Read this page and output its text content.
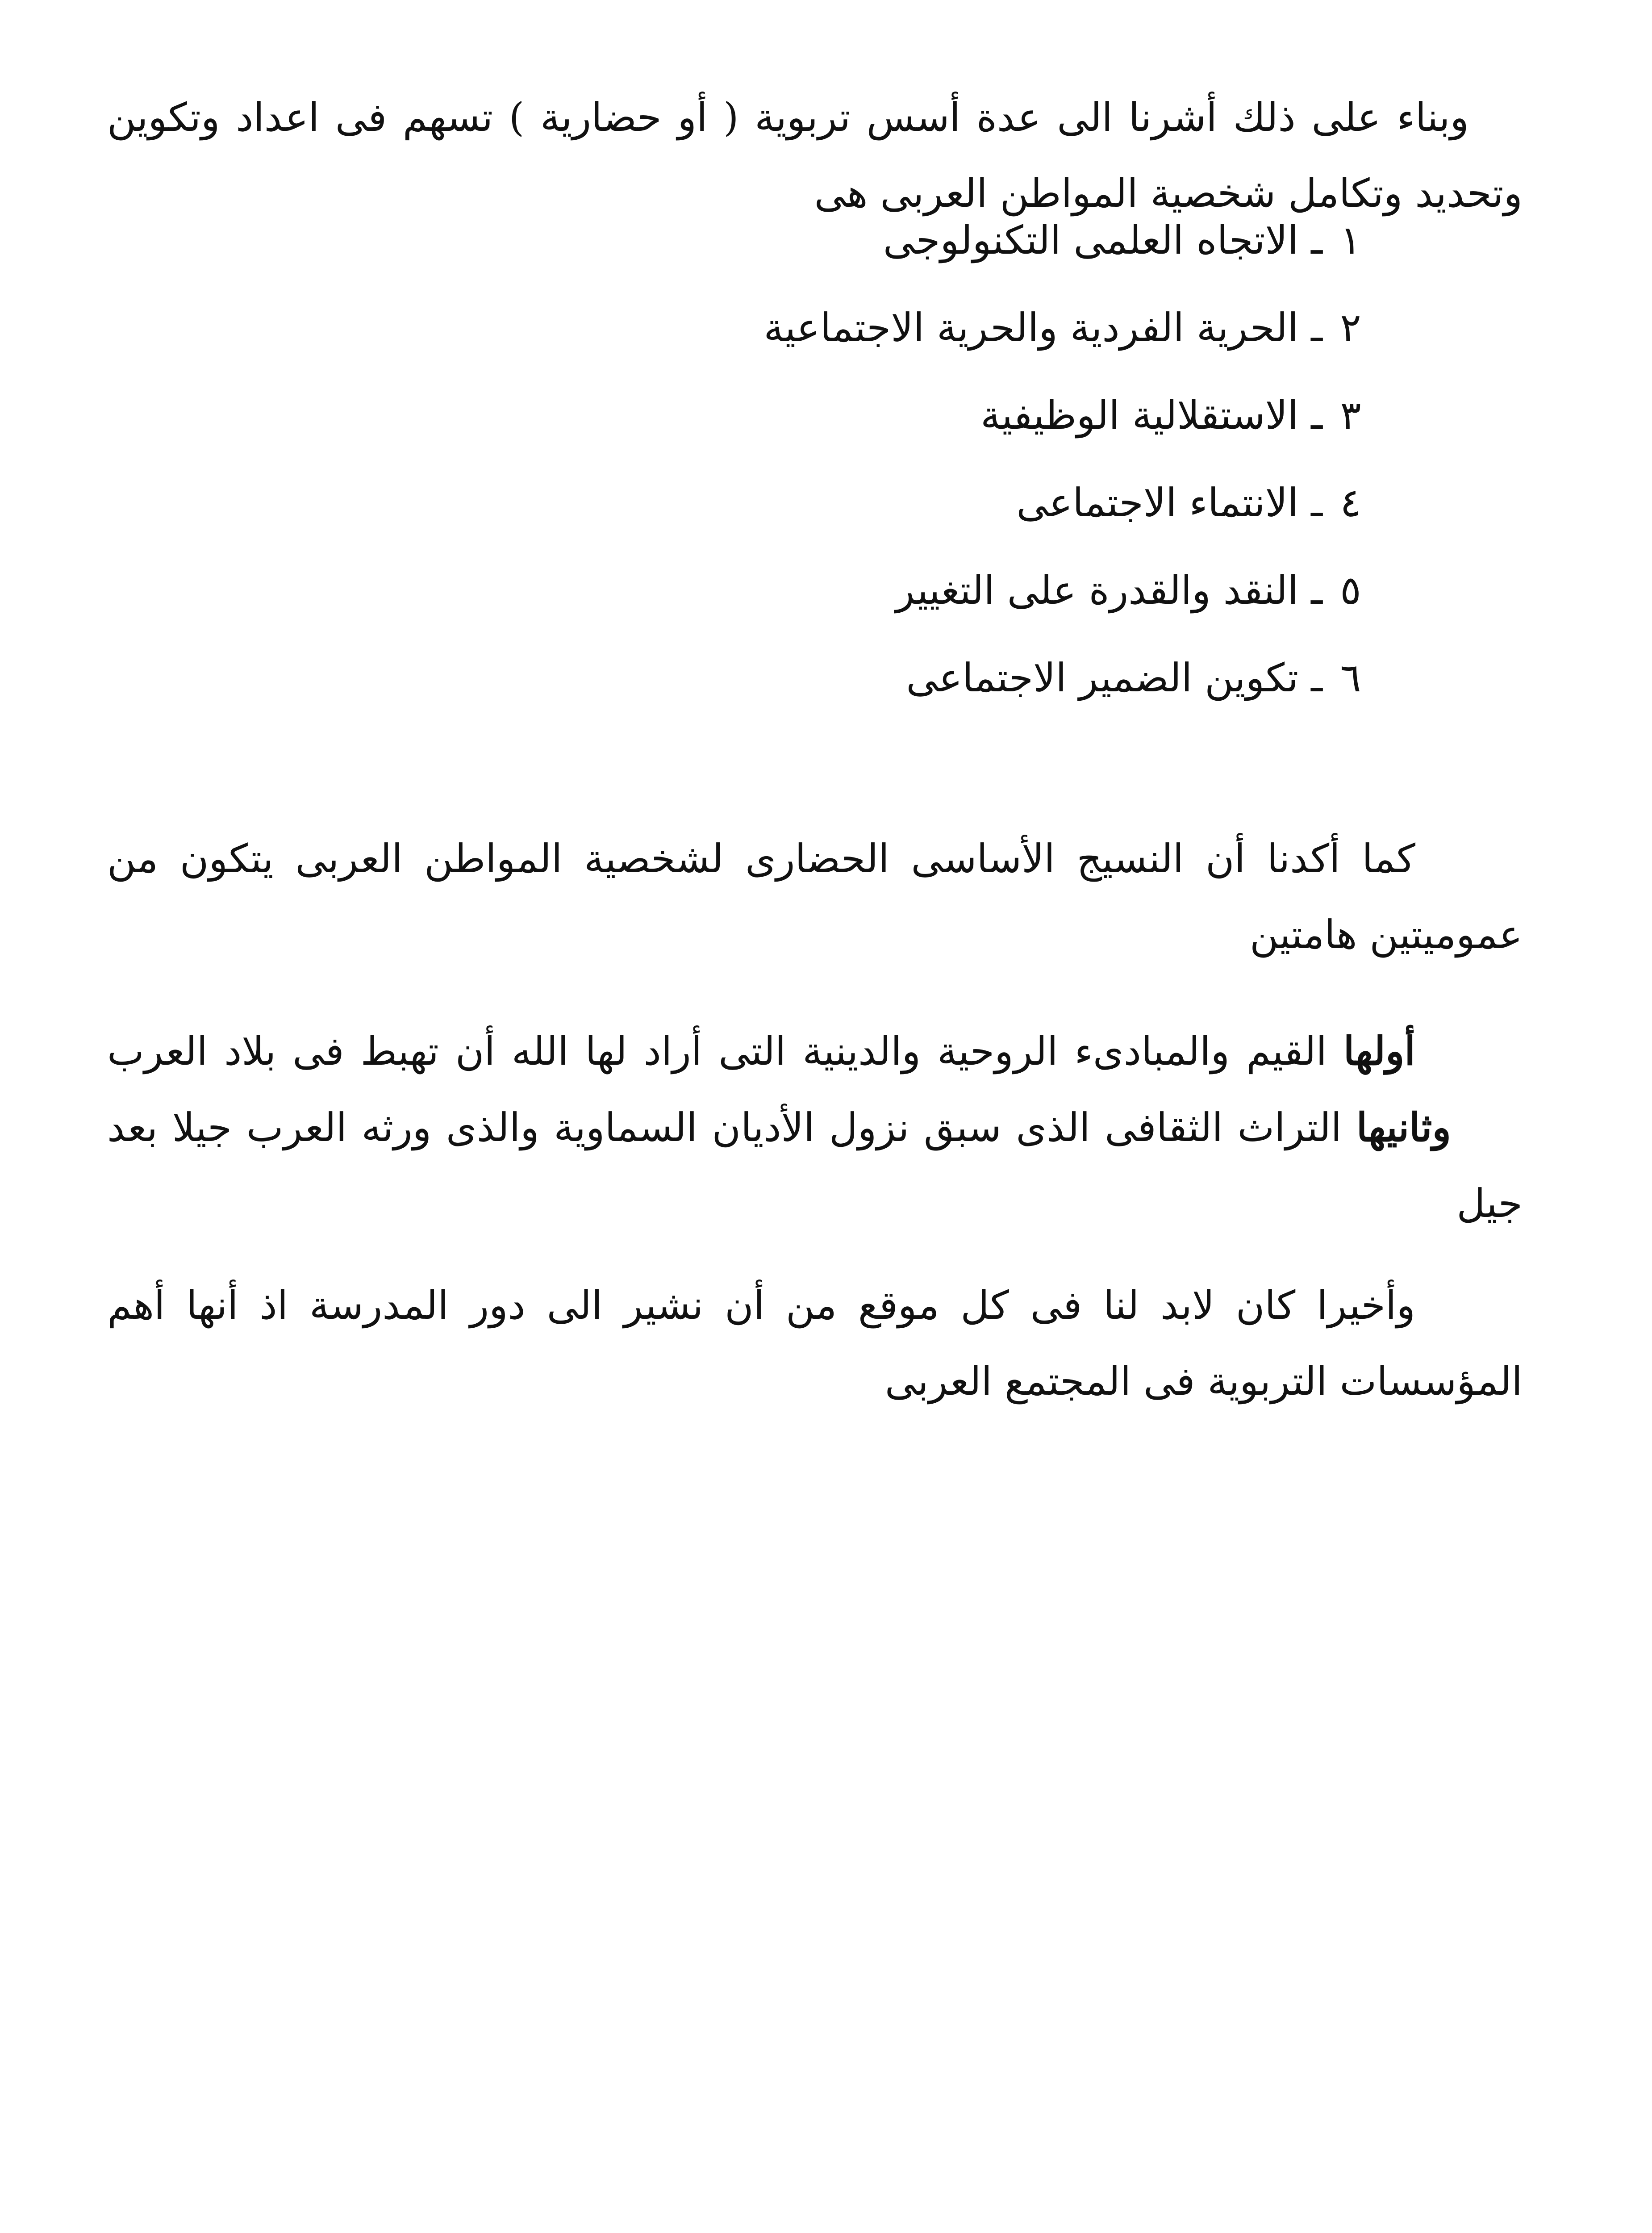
وبناء على ذلك أشرنا الى عدة أسس تربوية ( أو حضارية ) تسهم فى اعداد وتكوين وتحديد وتكامل شخصية المواطن العربى هى

١ـالاتجاه العلمى التكنولوجى
٢ـالحرية الفردية والحرية الاجتماعية
٣ـالاستقلالية الوظيفية
٤ـالانتماء الاجتماعى
٥ـالنقد والقدرة على التغيير
٦ـتكوين الضمير الاجتماعى

كما أكدنا أن النسيج الأساسى الحضارى لشخصية المواطن العربى يتكون من عموميتين هامتين

أولها القيم والمبادىء الروحية والدينية التى أراد لها الله أن تهبط فى بلاد العربوثانيها التراث الثقافى الذى سبق نزول الأديان السماوية والذى ورثه العرب جيلا بعد جيل

وأخيرا كان لابد لنا فى كل موقع من أن نشير الى دور المدرسة اذ أنها أهم المؤسسات التربوية فى المجتمع العربى
